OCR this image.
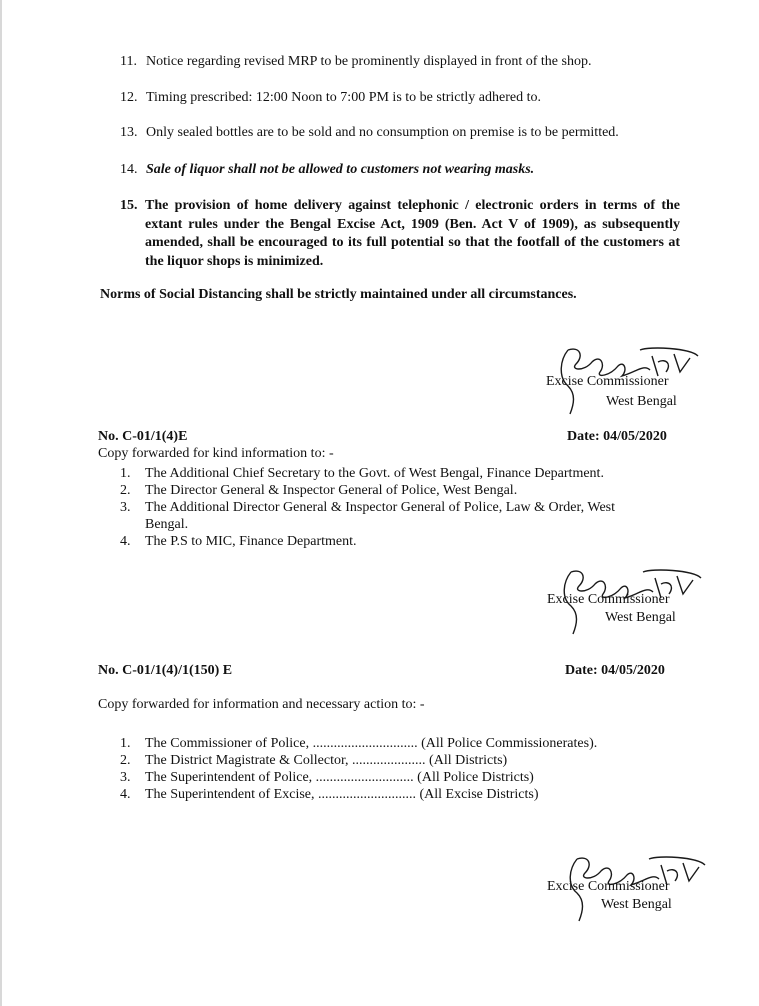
11. Notice regarding revised MRP to be prominently displayed in front of the shop.
12. Timing prescribed: 12:00 Noon to 7:00 PM is to be strictly adhered to.
13. Only sealed bottles are to be sold and no consumption on premise is to be permitted.
14. Sale of liquor shall not be allowed to customers not wearing masks.
15. The provision of home delivery against telephonic / electronic orders in terms of the extant rules under the Bengal Excise Act, 1909 (Ben. Act V of 1909), as subsequently amended, shall be encouraged to its full potential so that the footfall of the customers at the liquor shops is minimized.
Norms of Social Distancing shall be strictly maintained under all circumstances.
Excise Commissioner
West Bengal
No. C-01/1(4)E	Date: 04/05/2020
Copy forwarded for kind information to: -
1. The Additional Chief Secretary to the Govt. of West Bengal, Finance Department.
2. The Director General & Inspector General of Police, West Bengal.
3. The Additional Director General & Inspector General of Police, Law & Order, West
Bengal.
4. The P.S to MIC, Finance Department.
Excise Commissioner
West Bengal
No. C-01/1(4)/1(150) E	Date: 04/05/2020
Copy forwarded for information and necessary action to: -
1. The Commissioner of Police, .............................. (All Police Commissionerates).
2. The District Magistrate & Collector, ..................... (All Districts)
3. The Superintendent of Police, ............................ (All Police Districts)
4. The Superintendent of Excise, ............................ (All Excise Districts)
Excise Commissioner
West Bengal
